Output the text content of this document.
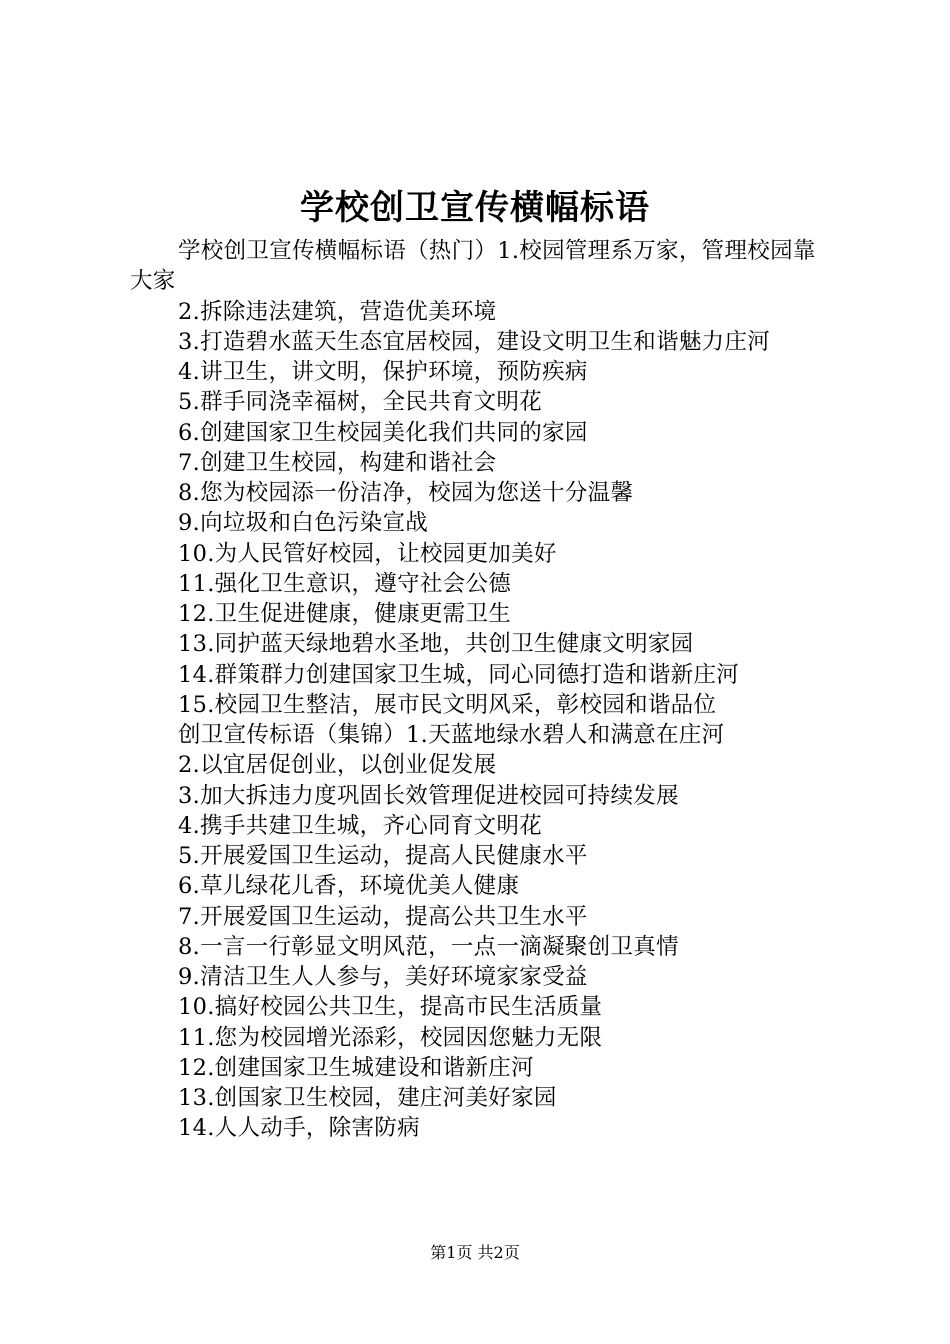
学校创卫宣传横幅标语
学校创卫宣传横幅标语（热门）1.校园管理系万家，管理校园靠大家
2.拆除违法建筑，营造优美环境
3.打造碧水蓝天生态宜居校园，建设文明卫生和谐魅力庄河
4.讲卫生，讲文明，保护环境，预防疾病
5.群手同浇幸福树，全民共育文明花
6.创建国家卫生校园美化我们共同的家园
7.创建卫生校园，构建和谐社会
8.您为校园添一份洁净，校园为您送十分温馨
9.向垃圾和白色污染宣战
10.为人民管好校园，让校园更加美好
11.强化卫生意识，遵守社会公德
12.卫生促进健康，健康更需卫生
13.同护蓝天绿地碧水圣地，共创卫生健康文明家园
14.群策群力创建国家卫生城，同心同德打造和谐新庄河
15.校园卫生整洁，展市民文明风采，彰校园和谐品位
创卫宣传标语（集锦）1.天蓝地绿水碧人和满意在庄河
2.以宜居促创业，以创业促发展
3.加大拆违力度巩固长效管理促进校园可持续发展
4.携手共建卫生城，齐心同育文明花
5.开展爱国卫生运动，提高人民健康水平
6.草儿绿花儿香，环境优美人健康
7.开展爱国卫生运动，提高公共卫生水平
8.一言一行彰显文明风范，一点一滴凝聚创卫真情
9.清洁卫生人人参与，美好环境家家受益
10.搞好校园公共卫生，提高市民生活质量
11.您为校园增光添彩，校园因您魅力无限
12.创建国家卫生城建设和谐新庄河
13.创国家卫生校园，建庄河美好家园
14.人人动手，除害防病
第1页 共2页
